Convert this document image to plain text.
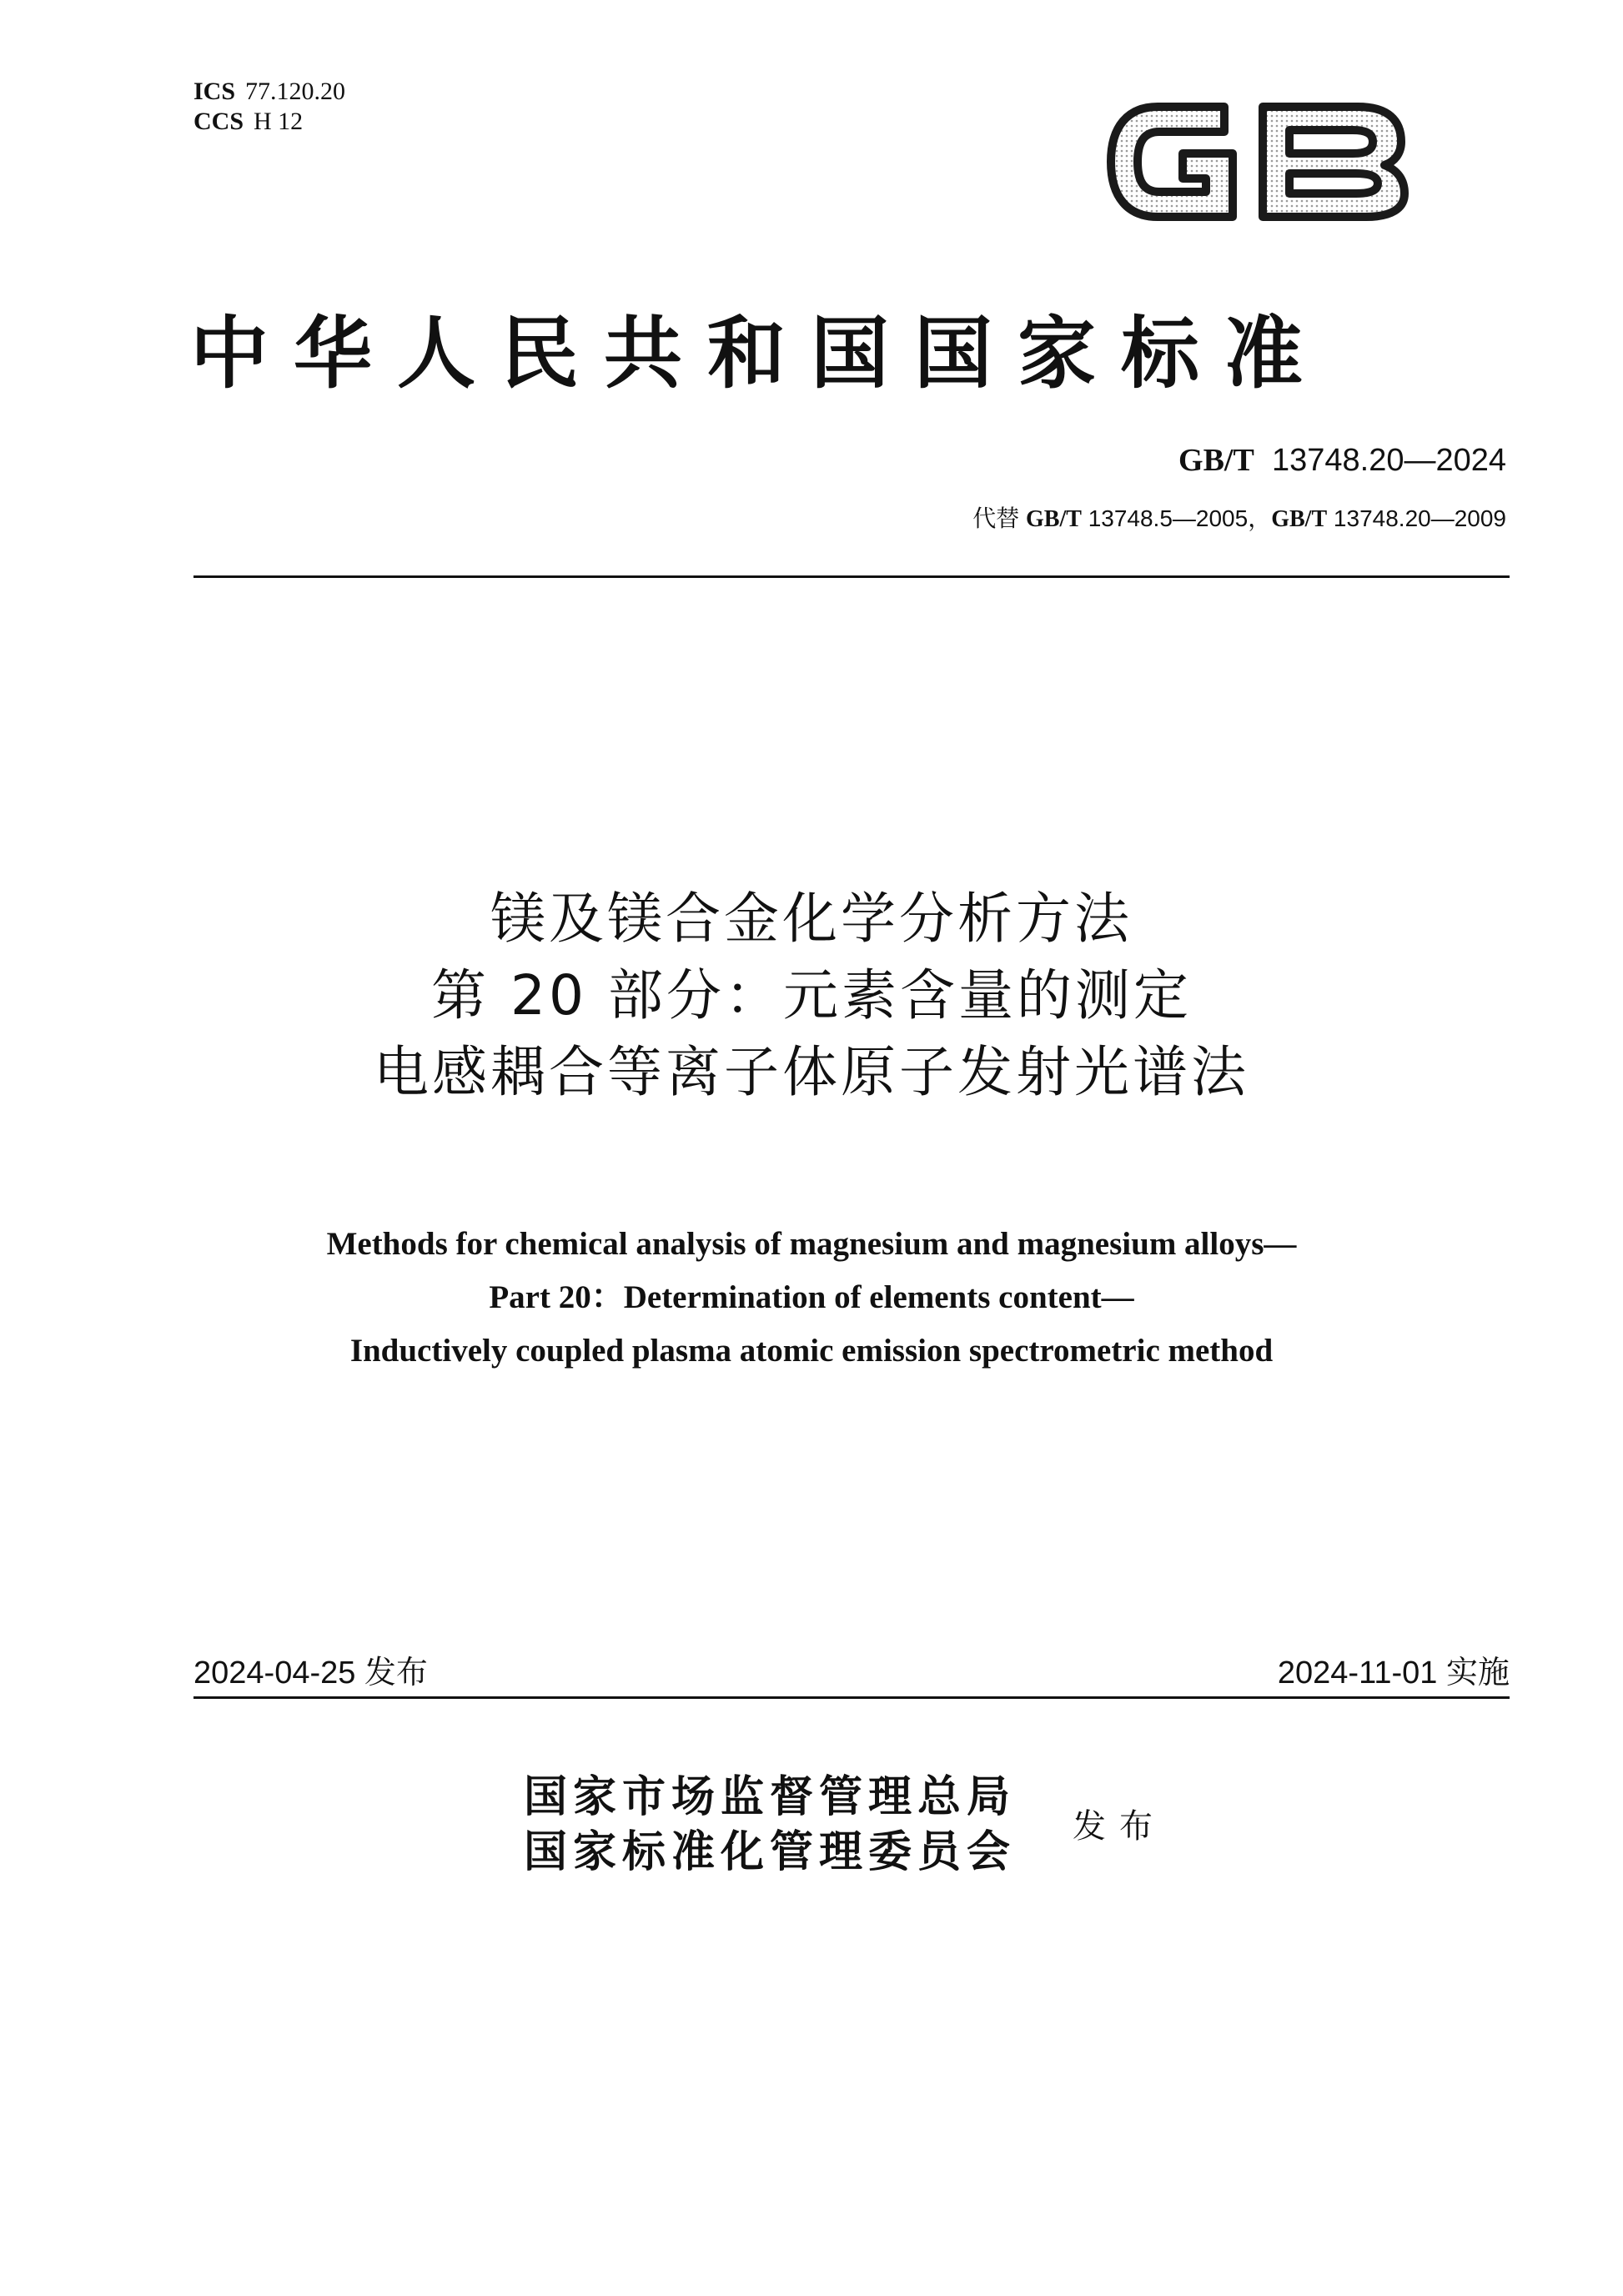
ICS 77.120.20
CCS H 12
GB
中华人民共和国国家标准
GB/T 13748.20—2024
代替 GB/T 13748.5—2005，GB/T 13748.20—2009
镁及镁合金化学分析方法
第 20 部分：元素含量的测定
电感耦合等离子体原子发射光谱法
Methods for chemical analysis of magnesium and magnesium alloys—
Part 20：Determination of elements content—
Inductively coupled plasma atomic emission spectrometric method
2024-04-25 发布	2024-11-01 实施
国家市场监督管理总局
国家标准化管理委员会 发布
